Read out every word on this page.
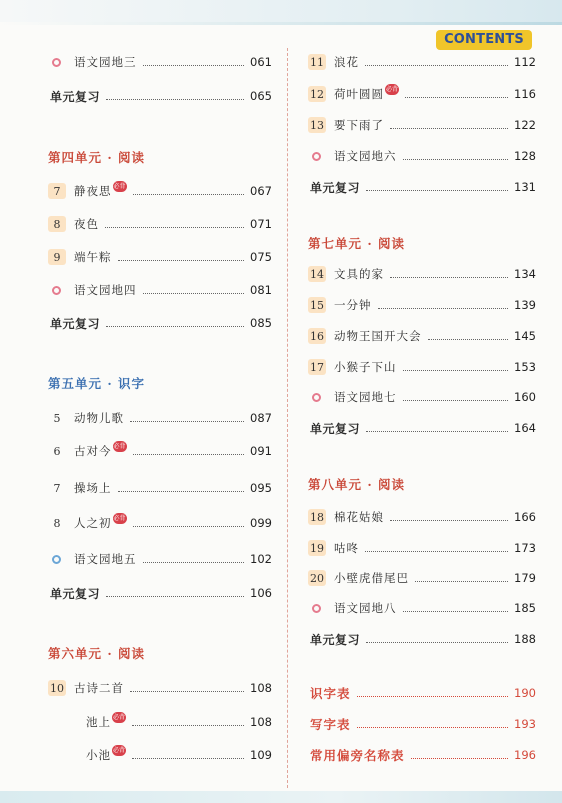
CONTENTS
语文园地三	061
单元复习	065
第四单元 · 阅读
7	静夜思 必背	067
8	夜色	071
9	端午粽	075
语文园地四	081
单元复习	085
第五单元 · 识字
5	动物儿歌	087
6	古对今 必背	091
7	操场上	095
8	人之初 必背	099
语文园地五	102
单元复习	106
第六单元 · 阅读
10 古诗二首	108
池上 必背	108
小池 必背	109
11 浪花	112
12 荷叶圆圆 必背	116
13 要下雨了	122
语文园地六	128
单元复习	131
第七单元 · 阅读
14 文具的家	134
15 一分钟	139
16 动物王国开大会	145
17 小猴子下山	153
语文园地七	160
单元复习	164
第八单元 · 阅读
18 棉花姑娘	166
19 咕咚	173
20 小壁虎借尾巴	179
语文园地八	185
单元复习	188
识字表	190
写字表	193
常用偏旁名称表	196
